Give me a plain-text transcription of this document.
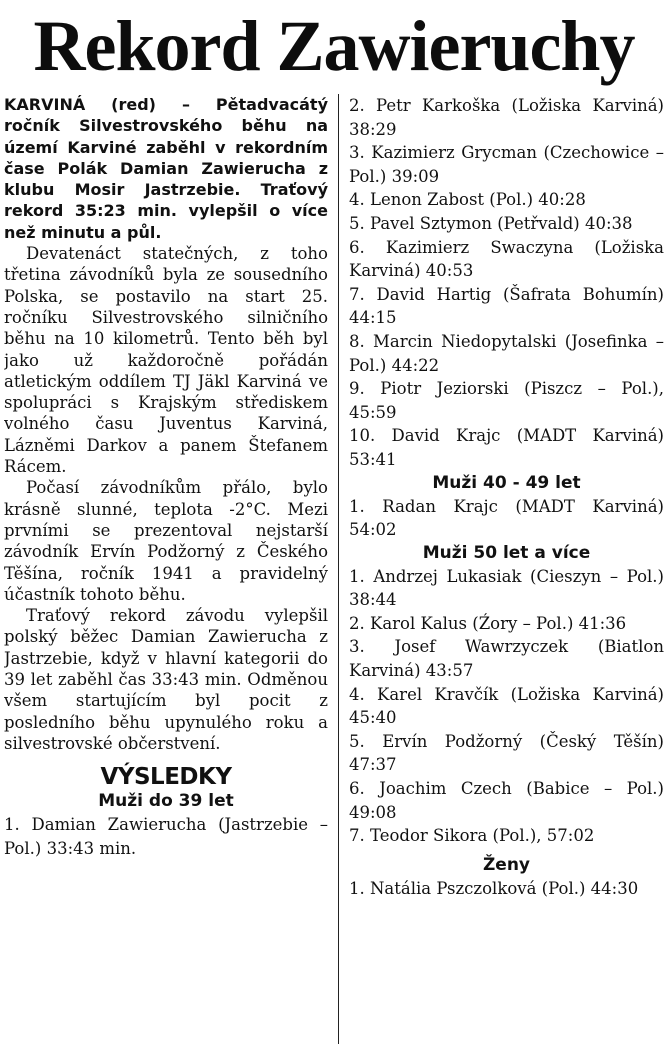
Rekord Zawieruchy

KARVINÁ (red) – Pětadvacátý ročník Silvestrovského běhu na území Karviné zaběhl v rekordním čase Polák Damian Zawierucha z klubu Mosir Jastrzebie. Traťový rekord 35:23 min. vylepšil o více než minutu a půl.

Devatenáct statečných, z toho třetina závodníků byla ze sousedního Polska, se postavilo na start 25. ročníku Silvestrovského silničního běhu na 10 kilometrů. Tento běh byl jako už každoročně pořádán atletickým oddílem TJ Jäkl Karviná ve spolupráci s Krajským střediskem volného času Juventus Karviná, Lázněmi Darkov a panem Štefanem Rácem.

Počasí závodníkům přálo, bylo krásně slunné, teplota -2°C. Mezi prvními se prezentoval nejstarší závodník Ervín Podžorný z Českého Těšína, ročník 1941 a pravidelný účastník tohoto běhu.

Traťový rekord závodu vylepšil polský běžec Damian Zawierucha z Jastrzebie, když v hlavní kategorii do 39 let zaběhl čas 33:43 min. Odměnou všem startujícím byl pocit z posledního běhu upynulého roku a silvestrovské občerstvení.

VÝSLEDKY
Muži do 39 let

1. Damian Zawierucha (Jastrzebie – Pol.) 33:43 min.

2. Petr Karkoška (Ložiska Karviná) 38:29

3. Kazimierz Grycman (Czechowice – Pol.) 39:09

4. Lenon Zabost (Pol.) 40:28

5. Pavel Sztymon (Petřvald) 40:38

6. Kazimierz Swaczyna (Ložiska Karviná) 40:53

7. David Hartig (Šafrata Bohumín) 44:15

8. Marcin Niedopytalski (Josefinka – Pol.) 44:22

9. Piotr Jeziorski (Piszcz – Pol.), 45:59

10. David Krajc (MADT Karviná) 53:41

Muži 40 - 49 let

1. Radan Krajc (MADT Karviná) 54:02

Muži 50 let a více

1. Andrzej Lukasiak (Cieszyn – Pol.) 38:44

2. Karol Kalus (Źory – Pol.) 41:36

3. Josef Wawrzyczek (Biatlon Karviná) 43:57

4. Karel Kravčík (Ložiska Karviná) 45:40

5. Ervín Podžorný (Český Těšín) 47:37

6. Joachim Czech (Babice – Pol.) 49:08

7. Teodor Sikora (Pol.), 57:02

Ženy

1. Natália Pszczolková (Pol.) 44:30
